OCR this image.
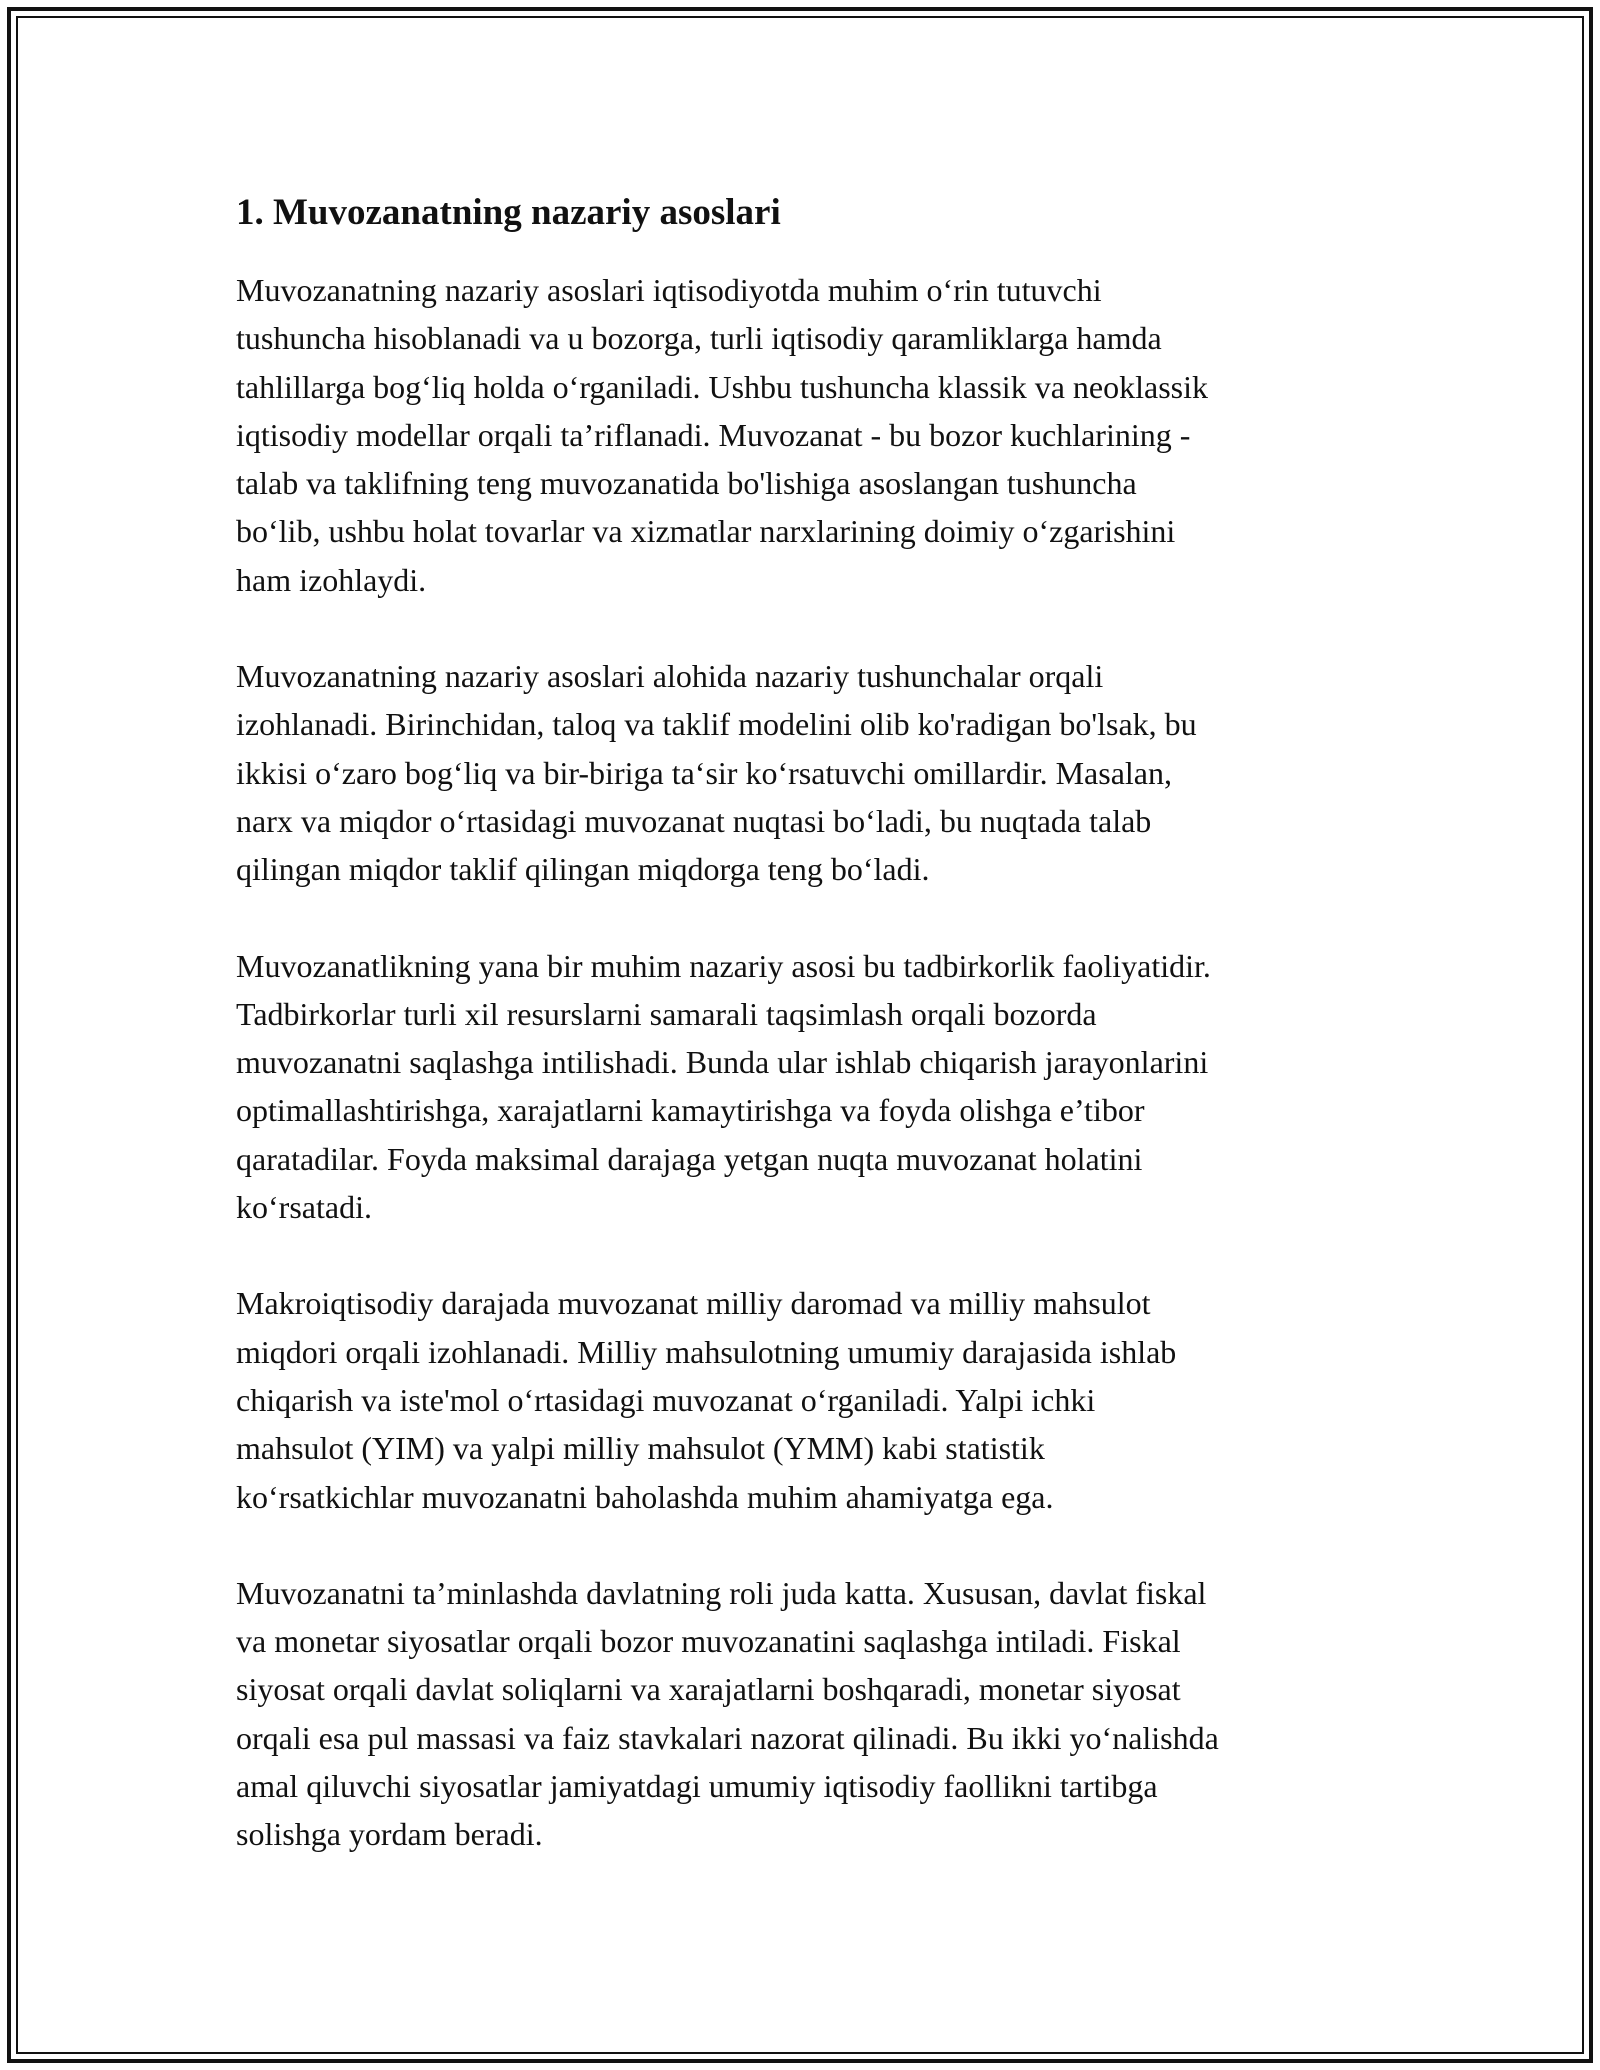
1. Muvozanatning nazariy asoslari

Muvozanatning nazariy asoslari iqtisodiyotda muhim o‘rin tutuvchi
tushuncha hisoblanadi va u bozorga, turli iqtisodiy qaramliklarga hamda
tahlillarga bog‘liq holda o‘rganiladi. Ushbu tushuncha klassik va neoklassik
iqtisodiy modellar orqali ta’riflanadi. Muvozanat - bu bozor kuchlarining -
talab va taklifning teng muvozanatida bo'lishiga asoslangan tushuncha
bo‘lib, ushbu holat tovarlar va xizmatlar narxlarining doimiy o‘zgarishini
ham izohlaydi.

Muvozanatning nazariy asoslari alohida nazariy tushunchalar orqali
izohlanadi. Birinchidan, taloq va taklif modelini olib ko'radigan bo'lsak, bu
ikkisi o‘zaro bog‘liq va bir-biriga ta‘sir ko‘rsatuvchi omillardir. Masalan,
narx va miqdor o‘rtasidagi muvozanat nuqtasi bo‘ladi, bu nuqtada talab
qilingan miqdor taklif qilingan miqdorga teng bo‘ladi.

Muvozanatlikning yana bir muhim nazariy asosi bu tadbirkorlik faoliyatidir.
Tadbirkorlar turli xil resurslarni samarali taqsimlash orqali bozorda
muvozanatni saqlashga intilishadi. Bunda ular ishlab chiqarish jarayonlarini
optimallashtirishga, xarajatlarni kamaytirishga va foyda olishga e’tibor
qaratadilar. Foyda maksimal darajaga yetgan nuqta muvozanat holatini
ko‘rsatadi.

Makroiqtisodiy darajada muvozanat milliy daromad va milliy mahsulot
miqdori orqali izohlanadi. Milliy mahsulotning umumiy darajasida ishlab
chiqarish va iste'mol o‘rtasidagi muvozanat o‘rganiladi. Yalpi ichki
mahsulot (YIM) va yalpi milliy mahsulot (YMM) kabi statistik
ko‘rsatkichlar muvozanatni baholashda muhim ahamiyatga ega.

Muvozanatni ta’minlashda davlatning roli juda katta. Xususan, davlat fiskal
va monetar siyosatlar orqali bozor muvozanatini saqlashga intiladi. Fiskal
siyosat orqali davlat soliqlarni va xarajatlarni boshqaradi, monetar siyosat
orqali esa pul massasi va faiz stavkalari nazorat qilinadi. Bu ikki yo‘nalishda
amal qiluvchi siyosatlar jamiyatdagi umumiy iqtisodiy faollikni tartibga
solishga yordam beradi.
